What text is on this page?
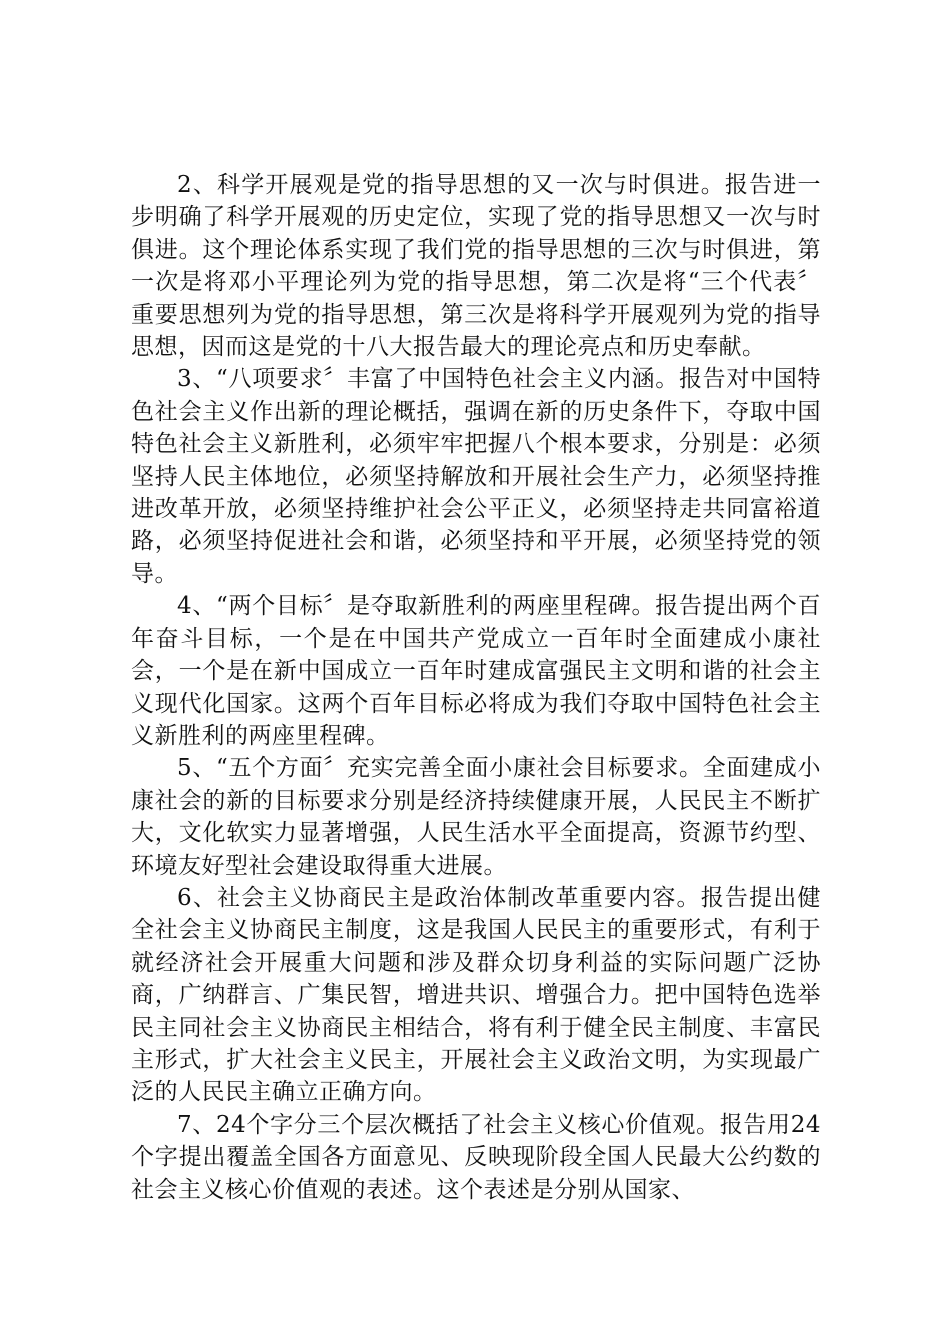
2、科学开展观是党的指导思想的又一次与时俱进。报告进一步明确了科学开展观的历史定位，实现了党的指导思想又一次与时俱进。这个理论体系实现了我们党的指导思想的三次与时俱进，第一次是将邓小平理论列为党的指导思想，第二次是将“三个代表〞重要思想列为党的指导思想，第三次是将科学开展观列为党的指导思想，因而这是党的十八大报告最大的理论亮点和历史奉献。

3、“八项要求〞丰富了中国特色社会主义内涵。报告对中国特色社会主义作出新的理论概括，强调在新的历史条件下，夺取中国特色社会主义新胜利，必须牢牢把握八个根本要求，分别是：必须坚持人民主体地位，必须坚持解放和开展社会生产力，必须坚持推进改革开放，必须坚持维护社会公平正义，必须坚持走共同富裕道路，必须坚持促进社会和谐，必须坚持和平开展，必须坚持党的领导。

4、“两个目标〞是夺取新胜利的两座里程碑。报告提出两个百年奋斗目标，一个是在中国共产党成立一百年时全面建成小康社会，一个是在新中国成立一百年时建成富强民主文明和谐的社会主义现代化国家。这两个百年目标必将成为我们夺取中国特色社会主义新胜利的两座里程碑。

5、“五个方面〞充实完善全面小康社会目标要求。全面建成小康社会的新的目标要求分别是经济持续健康开展，人民民主不断扩大，文化软实力显著增强，人民生活水平全面提高，资源节约型、环境友好型社会建设取得重大进展。

6、社会主义协商民主是政治体制改革重要内容。报告提出健全社会主义协商民主制度，这是我国人民民主的重要形式，有利于就经济社会开展重大问题和涉及群众切身利益的实际问题广泛协商，广纳群言、广集民智，增进共识、增强合力。把中国特色选举民主同社会主义协商民主相结合，将有利于健全民主制度、丰富民主形式，扩大社会主义民主，开展社会主义政治文明，为实现最广泛的人民民主确立正确方向。

7、24个字分三个层次概括了社会主义核心价值观。报告用24个字提出覆盖全国各方面意见、反映现阶段全国人民最大公约数的社会主义核心价值观的表述。这个表述是分别从国家、
